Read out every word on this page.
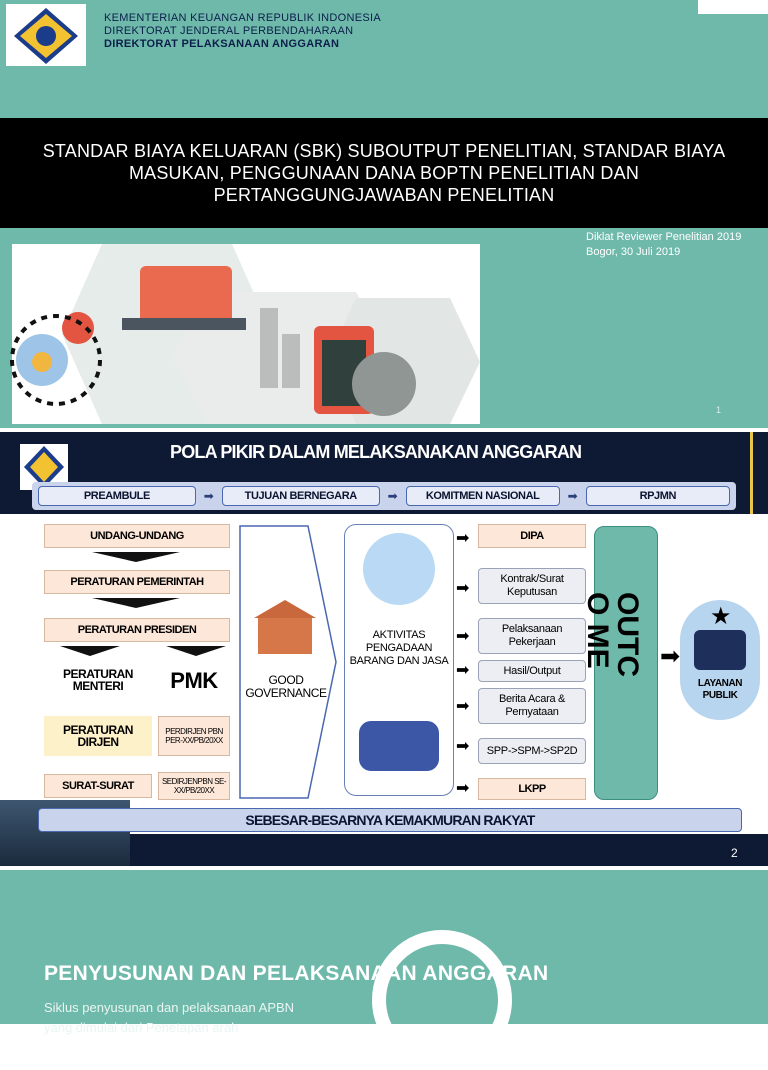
KEMENTERIAN KEUANGAN REPUBLIK INDONESIA
DIREKTORAT JENDERAL PERBENDAHARAAN
DIREKTORAT PELAKSANAAN ANGGARAN
STANDAR BIAYA KELUARAN (SBK) SUBOUTPUT PENELITIAN, STANDAR BIAYA MASUKAN, PENGGUNAAN DANA BOPTN PENELITIAN DAN PERTANGGUNGJAWABAN PENELITIAN
Diklat Reviewer Penelitian 2019
Bogor, 30 Juli 2019
1
POLA PIKIR DALAM MELAKSANAKAN ANGGARAN
PREAMBULE	➡	TUJUAN BERNEGARA	➡	KOMITMEN NASIONAL	➡	RPJMN
UNDANG-UNDANG
PERATURAN PEMERINTAH
PERATURAN PRESIDEN
PERATURAN MENTERI	PMK
PERATURAN DIRJEN
PERDIRJEN PBN PER-XX/PB/20XX
SURAT-SURAT	SEDIRJENPBN SE-XX/PB/20XX
GOOD GOVERNANCE
AKTIVITAS PENGADAAN BARANG DAN JASA
➡	DIPA
➡
Kontrak/Surat Keputusan
➡	Pelaksanaan Pekerjaan
➡	Hasil/Output
➡	Berita Acara & Pernyataan
➡	SPP->SPM->SP2D
➡	LKPP
OUTC
O ME	➡
★
LAYANAN PUBLIK
SEBESAR-BESARNYA KEMAKMURAN RAKYAT
2
PENYUSUNAN DAN PELAKSANAAN ANGGARAN
Siklus penyusunan dan pelaksanaan APBN yang dimulai dari Penetapan arah
